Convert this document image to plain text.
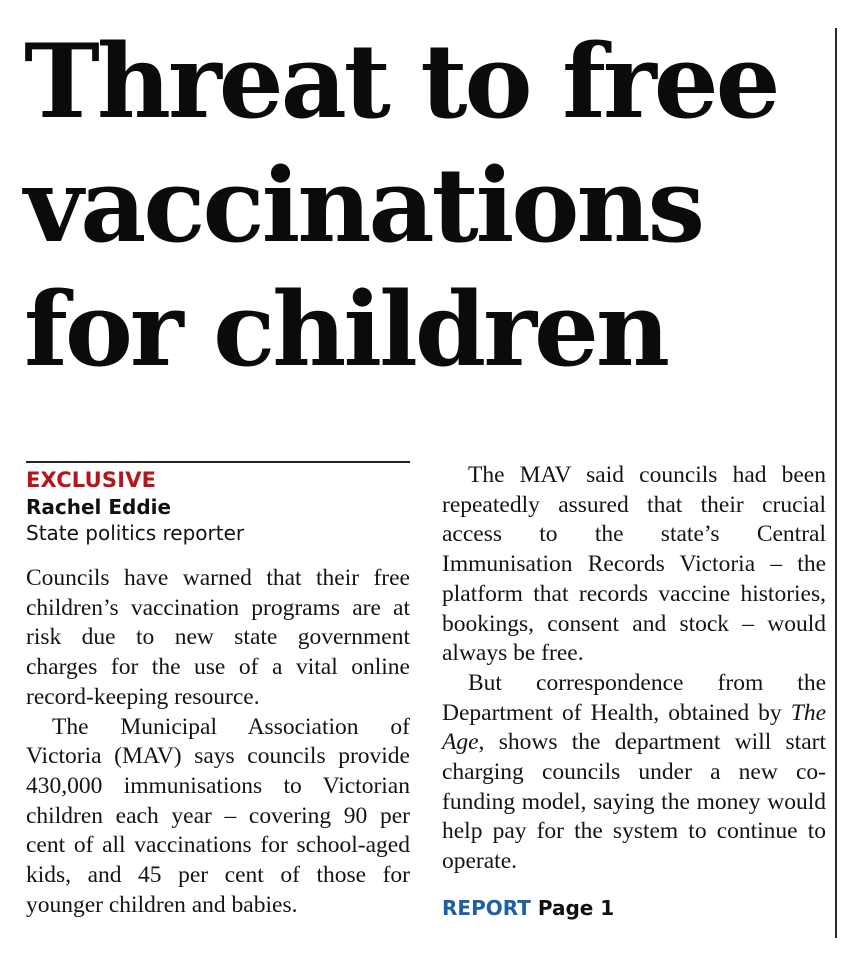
Threat to free
vaccinations
for children
EXCLUSIVE
Rachel Eddie
State politics reporter

Councils have warned that their free children’s vaccination programs are at risk due to new state government charges for the use of a vital online record-keeping resource.

The Municipal Association of Victoria (MAV) says councils provide 430,000 immunisations to Victorian children each year – covering 90 per cent of all vaccinations for school-aged kids, and 45 per cent of those for younger children and babies.

The MAV said councils had been repeatedly assured that their crucial access to the state’s Central Immunisation Records Victoria – the platform that records vaccine histories, bookings, consent and stock – would always be free.

But correspondence from the Department of Health, obtained by The Age, shows the department will start charging councils under a new co-funding model, saying the money would help pay for the system to continue to operate.

REPORT Page 1
